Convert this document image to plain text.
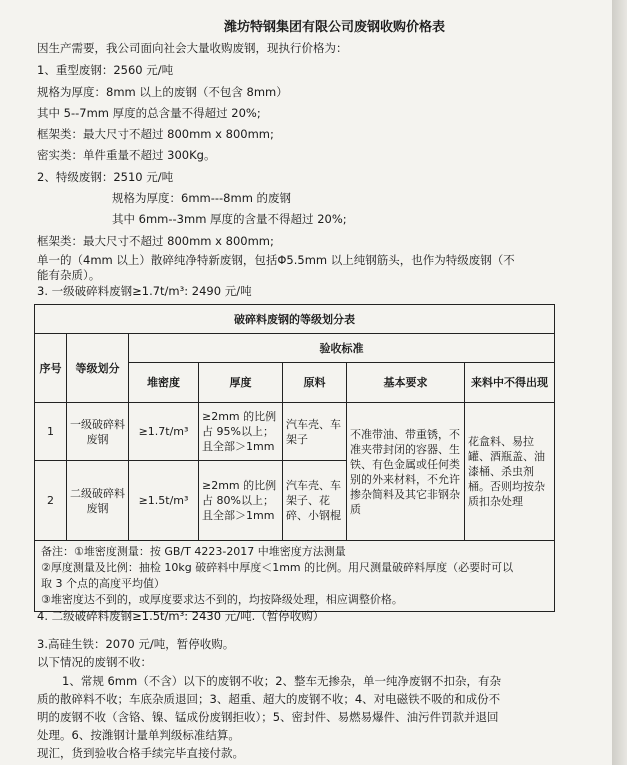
潍坊特钢集团有限公司废钢收购价格表
因生产需要，我公司面向社会大量收购废钢，现执行价格为：
1、重型废钢：2560 元/吨
规格为厚度：8mm 以上的废钢（不包含 8mm）
其中 5--7mm 厚度的总含量不得超过 20%;
框架类：最大尺寸不超过 800mm x 800mm;
密实类：单件重量不超过 300Kg。
2、特级废钢：2510 元/吨
规格为厚度：6mm---8mm 的废钢
其中 6mm--3mm 厚度的含量不得超过 20%;
框架类：最大尺寸不超过 800mm x 800mm;
单一的（4mm 以上）散碎纯净特新废钢，包括Φ5.5mm 以上纯钢筋头，也作为特级废钢（不
能有杂质）。
破碎料废钢的等级划分表						
序号	等级划分	验收标准				
		堆密度	厚度	原料	基本要求	来料中不得出现
1	一级破碎料废钢	≥1.7t/m³	≥2mm 的比例占 95%以上；且全部＞1mm	汽车壳、车架子	不准带油、带重锈，不准夹带封闭的容器、生铁、有色金属或任何类别的外来材料，不允许掺杂简料及其它非钢杂质	花盒料、易拉罐、酒瓶盖、油漆桶、杀虫剂桶。否则均按杂质扣杂处理
2	二级破碎料废钢	≥1.5t/m³	≥2mm 的比例占 80%以上；且全部＞1mm	汽车壳、车架子、花碎、小钢棍		

备注：①堆密度测量：按 GB/T 4223-2017 中堆密度方法测量
②厚度测量及比例：抽检 10kg 破碎料中厚度＜1mm 的比例。用尺测量破碎料厚度（必要时可以
取 3 个点的高度平均值）
③堆密度达不到的，或厚度要求达不到的，均按降级处理，相应调整价格。						
4. 二级破碎料废钢≥1.5t/m³: 2430 元/吨.（暂停收购）
3.高硅生铁：2070 元/吨，暂停收购。
以下情况的废钢不收：
1、常规 6mm（不含）以下的废钢不收；2、整车无掺杂，单一纯净废钢不扣杂，有杂
质的散碎料不收；车底杂质退回；3、超重、超大的废钢不收；4、对电磁铁不吸的和成份不
明的废钢不收（含铬、镍、锰成份废钢拒收）；5、密封件、易燃易爆件、油污件罚款并退回
处理。6、按潍钢计量单判级标准结算。
现汇，货到验收合格手续完毕直接付款。
3. 一级破碎料废钢≥1.7t/m³: 2490 元/吨
